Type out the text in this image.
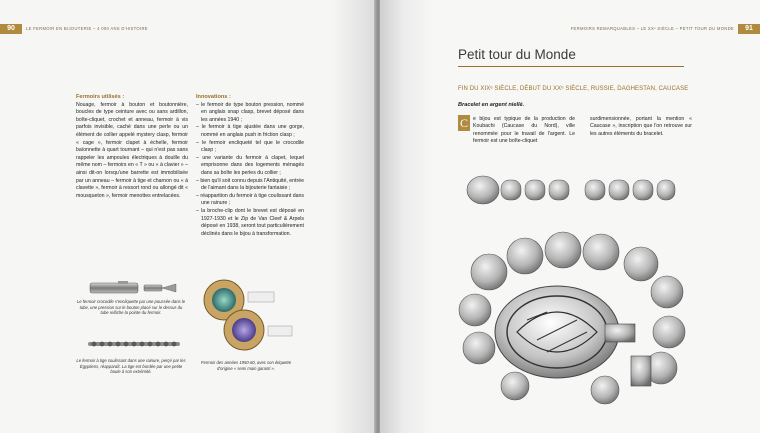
90	LE FERMOIR EN BIJOUTERIE – 4 000 ANS D'HISTOIRE
Fermoirs utilisés :

Nouage, fermoir à bouton et boutonnière, boucles de type ceinture avec ou sans ardillon, boîte-cliquet, crochet et anneau, fermoir à vis parfois invisible, caché dans une perle ou un élément de collier appelé mystery clasp, fermoir « cage », fermoir clapet à échelle, fermoir baïonnette à quart tournant – qui n'est pas sans rappeler les ampoules électriques à douille du même nom – fermoirs en « T » ou « à clavier » – ainsi dit-on lorsqu'une barrette est immobilisée par un anneau – fermoir à tige et charnon ou « à clavette », fermoir à ressort rond ou allongé dit « mousqueton », fermoir menottes entrelacées.

Innovations :
– le fermoir de type bouton pression, nommé en anglais snap clasp, brevet déposé dans les années 1940 ;
– le fermoir à tige ajustée dans une gorge, nommé en anglais push in friction clasp ;
– le fermoir encliqueté tel que le crocodile clasp ;
– une variante du fermoir à clapet, lequel emprisonne dans des logements ménagés dans sa boîte les perles du collier ;
– bien qu'il soit connu depuis l'Antiquité, entrée de l'aimant dans la bijouterie fantaisie ;
– réapparition du fermoir à tige coulissant dans une rainure ;
– la broche-clip dont le brevet est déposé en 1927-1930 et le Zip de Van Cleef & Arpels déposé en 1938, seront tout particulièrement déclinés dans le bijou à transformation.
Le fermoir crocodile s'encliquette par une poussée dans le tube, une pression sur le bouton placé sur le dessus du tube relâche la pointe du fermoir.
Le fermoir à tige coulissant dans une rainure, perçé par les Égyptiens, réapparaît. La tige est bordée par une petite boule à son extrémité.
Fermoir des années 1950-60, avec son étiquette d'origine « semi main garanti ».
FERMOIRS REMARQUABLES – LE XXᵉ SIÈCLE – PETIT TOUR DU MONDE	91
Petit tour du Monde
FIN DU XIXᵉ SIÈCLE, DÉBUT DU XXᵉ SIÈCLE, RUSSIE, DAGHESTAN, CAUCASE
Bracelet en argent niellé.
C e bijou est typique de la production de Koubachi (Caucase du Nord), ville renommée pour le travail de l'argent. Le fermoir est une boîte-cliquet
surdimensionnée, portant la mention « Caucase », inscription que l'on retrouve sur les autres éléments du bracelet.
